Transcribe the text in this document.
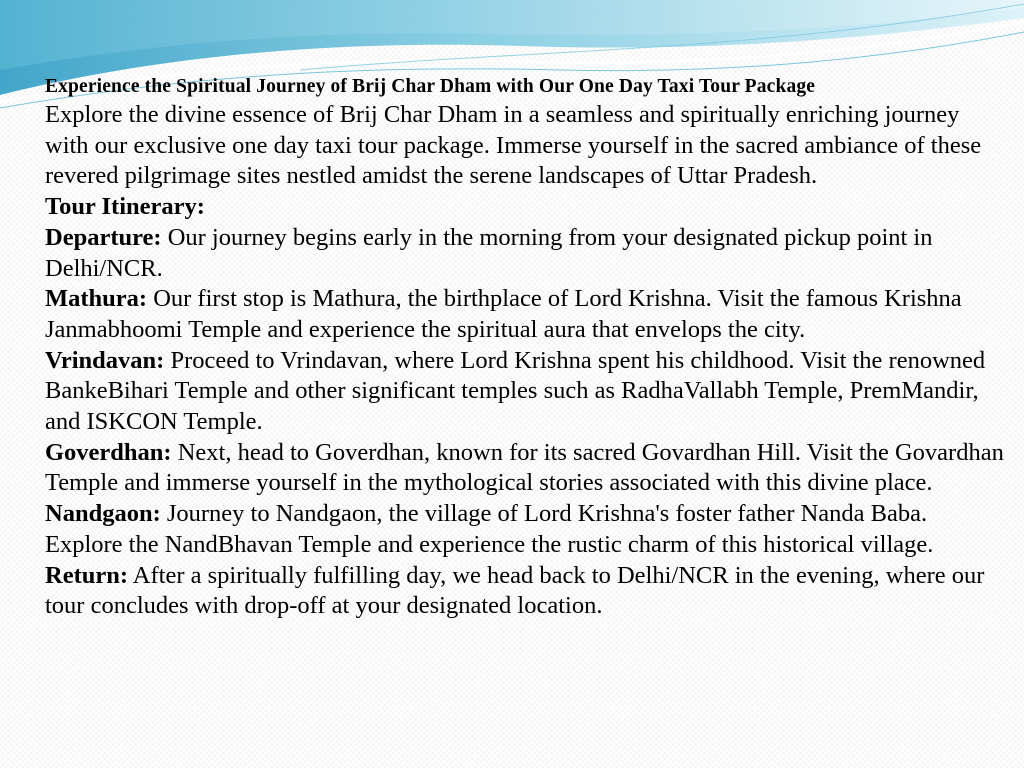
Experience the Spiritual Journey of Brij Char Dham with Our One Day Taxi Tour Package

Explore the divine essence of Brij Char Dham in a seamless and spiritually enriching journey with our exclusive one day taxi tour package. Immerse yourself in the sacred ambiance of these revered pilgrimage sites nestled amidst the serene landscapes of Uttar Pradesh.

Tour Itinerary:

Departure: Our journey begins early in the morning from your designated pickup point in Delhi/NCR.

Mathura: Our first stop is Mathura, the birthplace of Lord Krishna. Visit the famous Krishna Janmabhoomi Temple and experience the spiritual aura that envelops the city.

Vrindavan: Proceed to Vrindavan, where Lord Krishna spent his childhood. Visit the renowned BankeBihari Temple and other significant temples such as RadhaVallabh Temple, PremMandir, and ISKCON Temple.

Goverdhan: Next, head to Goverdhan, known for its sacred Govardhan Hill. Visit the Govardhan Temple and immerse yourself in the mythological stories associated with this divine place.

Nandgaon: Journey to Nandgaon, the village of Lord Krishna's foster father Nanda Baba. Explore the NandBhavan Temple and experience the rustic charm of this historical village.

Return: After a spiritually fulfilling day, we head back to Delhi/NCR in the evening, where our tour concludes with drop-off at your designated location.
